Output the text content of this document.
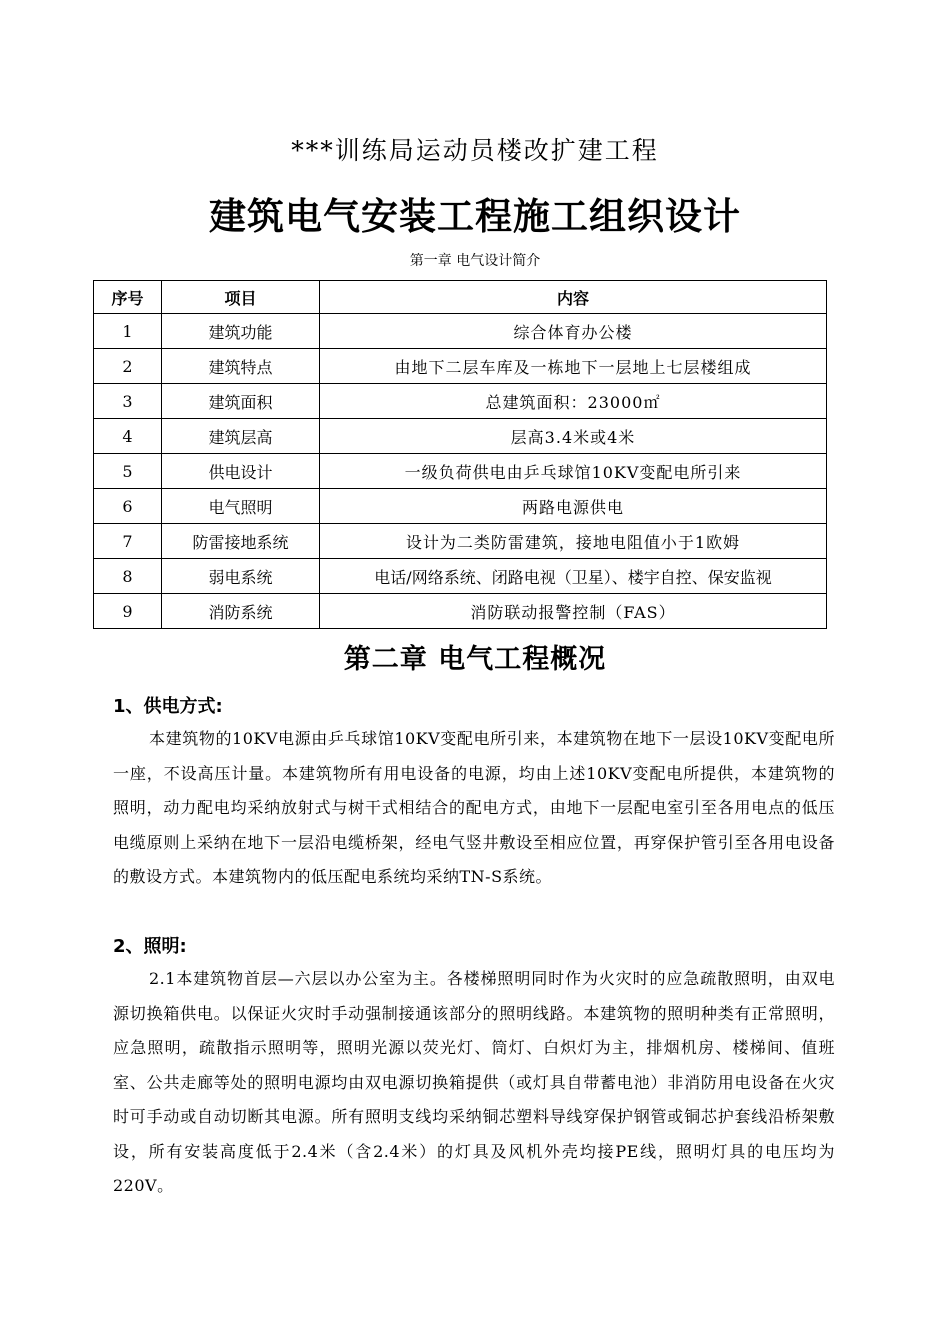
***训练局运动员楼改扩建工程
建筑电气安装工程施工组织设计
第一章 电气设计简介
序号	项目	内容
1	建筑功能	综合体育办公楼
2	建筑特点	由地下二层车库及一栋地下一层地上七层楼组成
3	建筑面积	总建筑面积：23000㎡
4	建筑层高	层高3.4米或4米
5	供电设计	一级负荷供电由乒乓球馆10KV变配电所引来
6	电气照明	两路电源供电
7	防雷接地系统	设计为二类防雷建筑，接地电阻值小于1欧姆
8	弱电系统	电话/网络系统、闭路电视（卫星）、楼宇自控、保安监视
9	消防系统	消防联动报警控制（FAS）
第二章 电气工程概况
1、供电方式:

本建筑物的10KV电源由乒乓球馆10KV变配电所引来，本建筑物在地下一层设10KV变配电所一座，不设高压计量。本建筑物所有用电设备的电源，均由上述10KV变配电所提供，本建筑物的照明，动力配电均采纳放射式与树干式相结合的配电方式，由地下一层配电室引至各用电点的低压电缆原则上采纳在地下一层沿电缆桥架，经电气竖井敷设至相应位置，再穿保护管引至各用电设备的敷设方式。本建筑物内的低压配电系统均采纳TN-S系统。

2、照明:

2.1本建筑物首层—六层以办公室为主。各楼梯照明同时作为火灾时的应急疏散照明，由双电源切换箱供电。以保证火灾时手动强制接通该部分的照明线路。本建筑物的照明种类有正常照明，应急照明，疏散指示照明等，照明光源以荧光灯、筒灯、白炽灯为主，排烟机房、楼梯间、值班室、公共走廊等处的照明电源均由双电源切换箱提供（或灯具自带蓄电池）非消防用电设备在火灾时可手动或自动切断其电源。所有照明支线均采纳铜芯塑料导线穿保护钢管或铜芯护套线沿桥架敷设，所有安装高度低于2.4米（含2.4米）的灯具及风机外壳均接PE线，照明灯具的电压均为220V。
